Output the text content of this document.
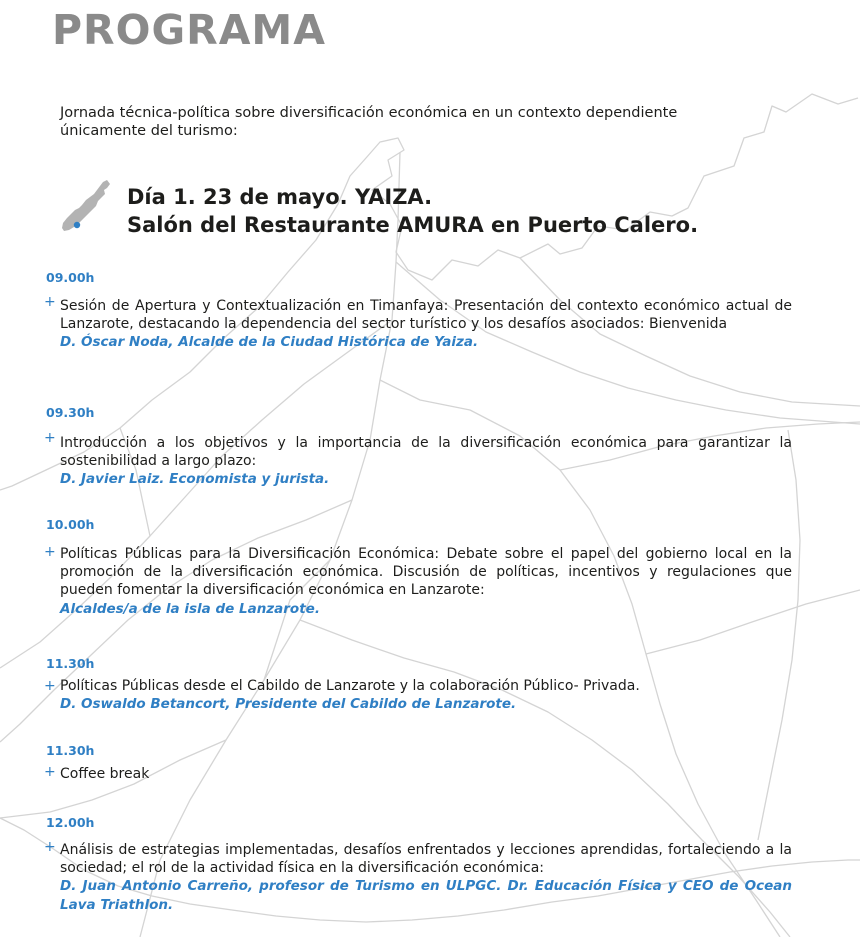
PROGRAMA

Jornada técnica-política sobre diversificación económica en un contexto dependiente únicamente del turismo:

Día 1. 23 de mayo. YAIZA.
Salón del Restaurante AMURA en Puerto Calero.
09.00h
+ Sesión de Apertura y Contextualización en Timanfaya: Presentación del contexto económico actual de Lanzarote, destacando la dependencia del sector turístico y los desafíos asociados: Bienvenida
D. Óscar Noda, Alcalde de la Ciudad Histórica de Yaiza.

09.30h
+ Introducción a los objetivos y la importancia de la diversificación económica para garantizar la sostenibilidad a largo plazo:
D. Javier Laiz. Economista y jurista.

10.00h
+ Políticas Públicas para la Diversificación Económica: Debate sobre el papel del gobierno local en la promoción de la diversificación económica. Discusión de políticas, incentivos y regulaciones que pueden fomentar la diversificación económica en Lanzarote:
Alcaldes/a de la isla de Lanzarote.

11.30h
+ Políticas Públicas desde el Cabildo de Lanzarote y la colaboración Público- Privada.
D. Oswaldo Betancort, Presidente del Cabildo de Lanzarote.

11.30h
+ Coffee break

12.00h
+ Análisis de estrategias implementadas, desafíos enfrentados y lecciones aprendidas, fortaleciendo a la sociedad; el rol de la actividad física en la diversificación económica:
D. Juan Antonio Carreño, profesor de Turismo en ULPGC. Dr. Educación Física y CEO de Ocean Lava Triathlon.
